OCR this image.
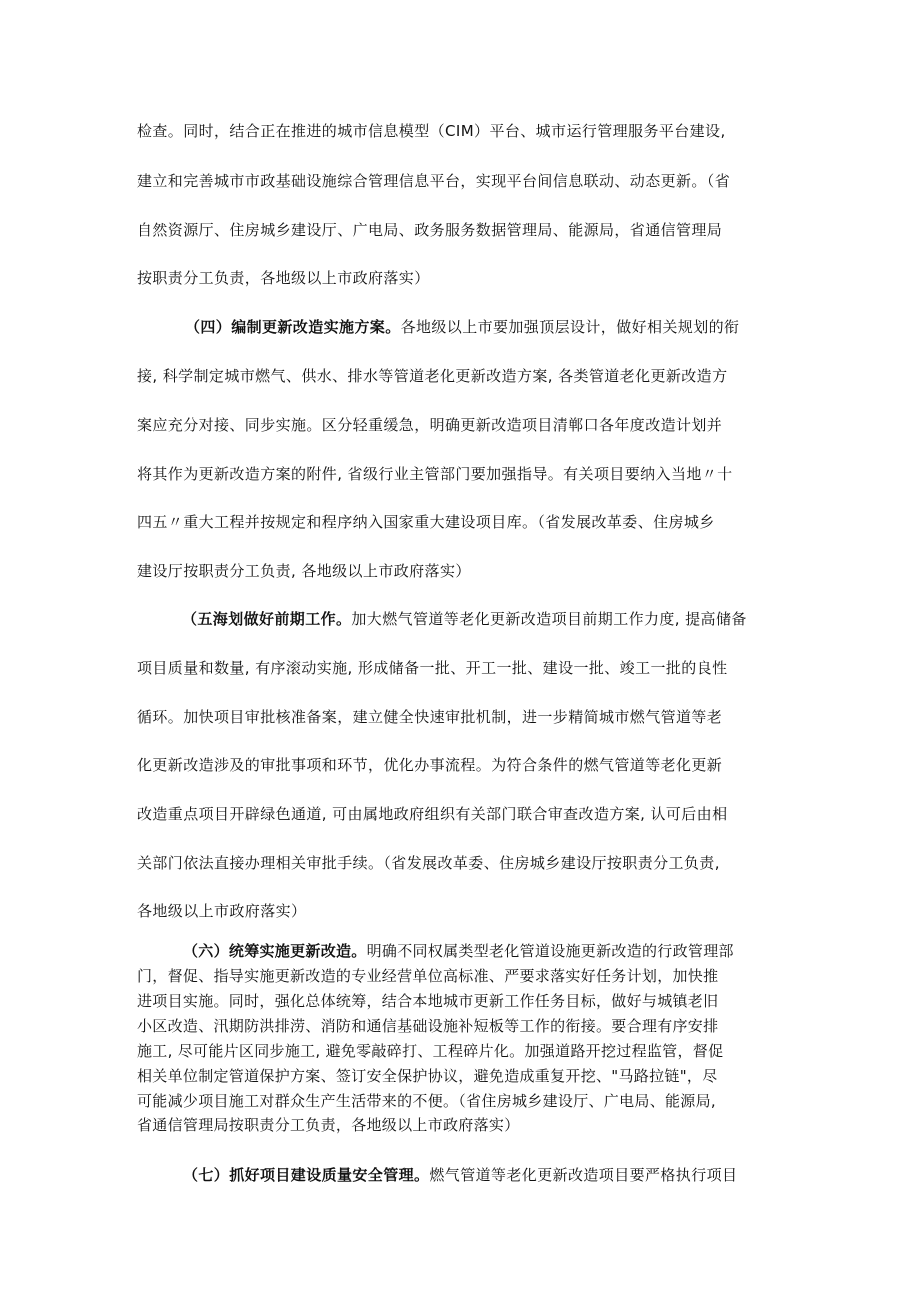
检查。同时，结合正在推进的城市信息模型（CIM）平台、城市运行管理服务平台建设,
建立和完善城市市政基础设施综合管理信息平台，实现平台间信息联动、动态更新。（省
自然资源厅、住房城乡建设厅、广电局、政务服务数据管理局、能源局，省通信管理局
按职责分工负责，各地级以上市政府落实）
（四）编制更新改造实施方案。各地级以上市要加强顶层设计，做好相关规划的衔
接, 科学制定城市燃气、供水、排水等管道老化更新改造方案, 各类管道老化更新改造方
案应充分对接、同步实施。区分轻重缓急，明确更新改造项目清郸口各年度改造计划并
将其作为更新改造方案的附件, 省级行业主管部门要加强指导。有关项目要纳入当地〃十
四五〃重大工程并按规定和程序纳入国家重大建设项目库。（省发展改革委、住房城乡
建设厅按职责分工负责, 各地级以上市政府落实）
（五海划做好前期工作。加大燃气管道等老化更新改造项目前期工作力度, 提高储备
项目质量和数量, 有序滚动实施, 形成储备一批、开工一批、建设一批、竣工一批的良性
循环。加快项目审批核准备案，建立健全快速审批机制，进一步精简城市燃气管道等老
化更新改造涉及的审批事项和环节，优化办事流程。为符合条件的燃气管道等老化更新
改造重点项目开辟绿色通道, 可由属地政府组织有关部门联合审查改造方案, 认可后由相
关部门依法直接办理相关审批手续。（省发展改革委、住房城乡建设厅按职责分工负责,
各地级以上市政府落实）
（六）统筹实施更新改造。明确不同权属类型老化管道设施更新改造的行政管理部
门，督促、指导实施更新改造的专业经营单位高标准、严要求落实好任务计划，加快推
进项目实施。同时，强化总体统筹，结合本地城市更新工作任务目标，做好与城镇老旧
小区改造、汛期防洪排涝、消防和通信基础设施补短板等工作的衔接。要合理有序安排
施工, 尽可能片区同步施工, 避免零敲碎打、工程碎片化。加强道路开挖过程监管，督促
相关单位制定管道保护方案、签订安全保护协议，避免造成重复开挖、"马路拉链"，尽
可能减少项目施工对群众生产生活带来的不便。（省住房城乡建设厅、广电局、能源局,
省通信管理局按职责分工负责，各地级以上市政府落实）
（七）抓好项目建设质量安全管理。燃气管道等老化更新改造项目要严格执行项目
